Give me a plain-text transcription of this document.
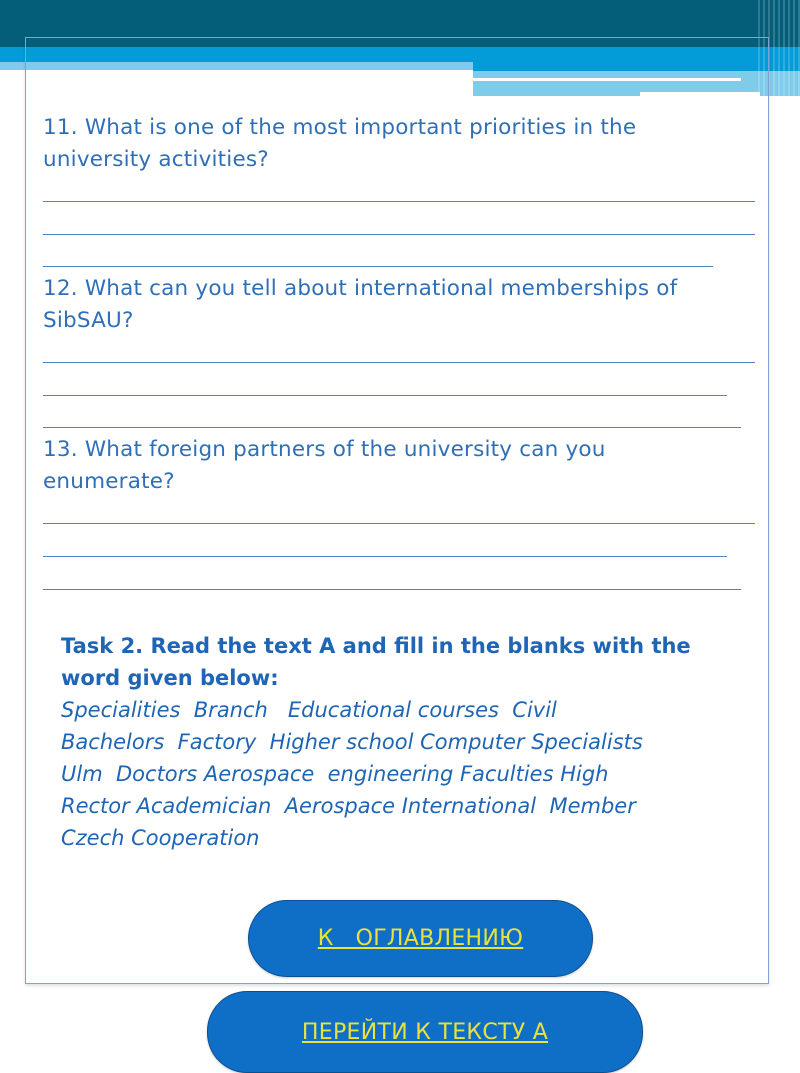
11. What is one of the most important priorities in the
university activities?
12. What can you tell about international memberships of
SibSAU?
13. What foreign partners of the university can you
enumerate?
Task 2. Read the text A and fill in the blanks with the
word given below:
Specialities  Branch   Educational courses  Civil
Bachelors  Factory  Higher school Computer Specialists
Ulm  Doctors Aerospace  engineering Faculties High
Rector Academician  Aerospace International  Member
Czech Cooperation
К   ОГЛАВЛЕНИЮ
ПЕРЕЙТИ К ТЕКСТУ А
